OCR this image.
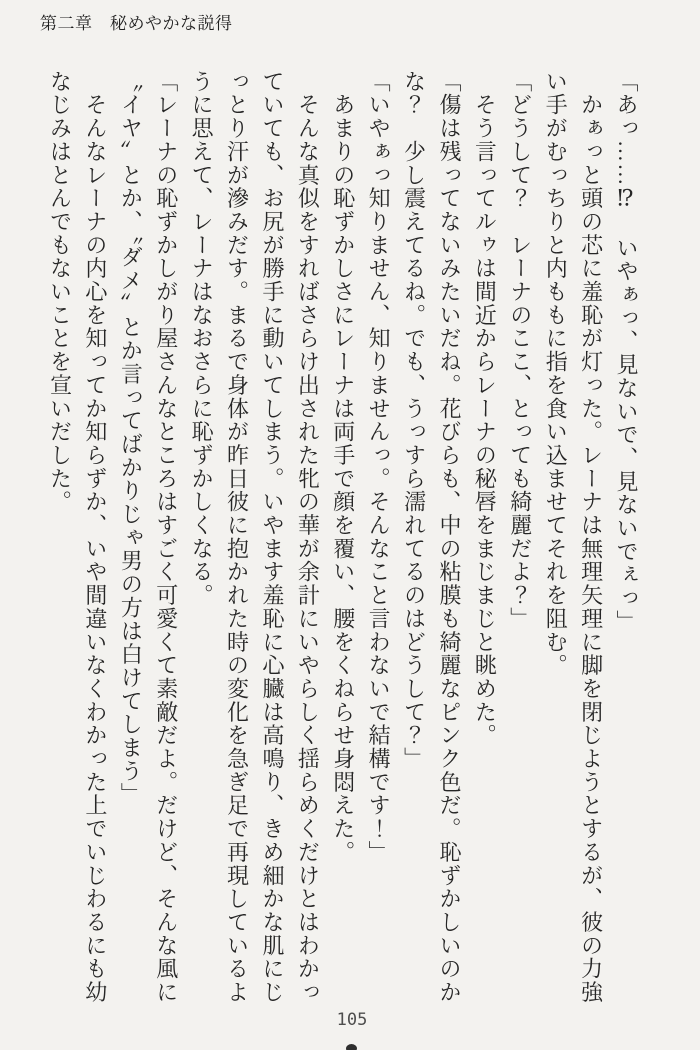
第二章　秘めやかな説得

「あっ……⁉　いやぁっ、見ないで、見ないでぇっ」

　かぁっと頭の芯に羞恥が灯った。レーナは無理矢理に脚を閉じようとするが、彼の力強

い手がむっちりと内ももに指を食い込ませてそれを阻む。

「どうして？　レーナのここ、とっても綺麗だよ？」

　そう言ってルゥは間近からレーナの秘唇をまじまじと眺めた。

「傷は残ってないみたいだね。花びらも、中の粘膜も綺麗なピンク色だ。恥ずかしいのか

な？　少し震えてるね。でも、うっすら濡れてるのはどうして？」

「いやぁっ知りません、知りませんっ。そんなこと言わないで結構です！」

　あまりの恥ずかしさにレーナは両手で顔を覆い、腰をくねらせ身悶えた。

　そんな真似をすればさらけ出された牝の華が余計にいやらしく揺らめくだけとはわかっ

ていても、お尻が勝手に動いてしまう。いやます羞恥に心臓は高鳴り、きめ細かな肌にじ

っとり汗が滲みだす。まるで身体が昨日彼に抱かれた時の変化を急ぎ足で再現しているよ

うに思えて、レーナはなおさらに恥ずかしくなる。

「レーナの恥ずかしがり屋さんなところはすごく可愛くて素敵だよ。だけど、そんな風に

〝イヤ〟とか、〝ダメ〟とか言ってばかりじゃ男の方は白けてしまう」

　そんなレーナの内心を知ってか知らずか、いや間違いなくわかった上でいじわるにも幼

なじみはとんでもないことを宣いだした。

105
